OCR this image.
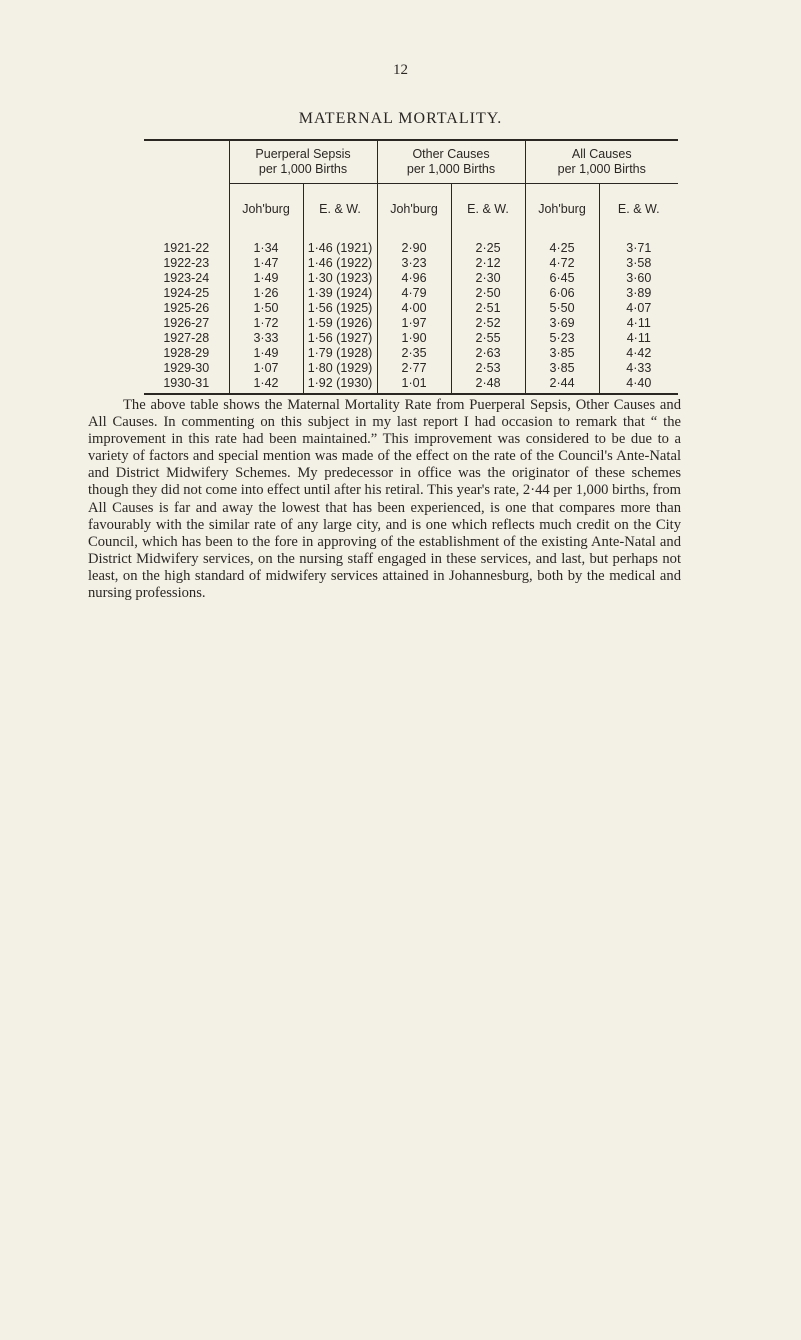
12
MATERNAL MORTALITY.

	Puerperal Sepsis
per 1,000 Births		Other Causes
per 1,000 Births		All Causes
per 1,000 Births	

	Joh'burg	E. & W.	Joh'burg	E. & W.	Joh'burg	E. & W.
1921-22	1·34	1·46 (1921)	2·90	2·25	4·25	3·71
1922-23	1·47	1·46 (1922)	3·23	2·12	4·72	3·58
1923-24	1·49	1·30 (1923)	4·96	2·30	6·45	3·60
1924-25	1·26	1·39 (1924)	4·79	2·50	6·06	3·89
1925-26	1·50	1·56 (1925)	4·00	2·51	5·50	4·07
1926-27	1·72	1·59 (1926)	1·97	2·52	3·69	4·11
1927-28	3·33	1·56 (1927)	1·90	2·55	5·23	4·11
1928-29	1·49	1·79 (1928)	2·35	2·63	3·85	4·42
1929-30	1·07	1·80 (1929)	2·77	2·53	3·85	4·33
1930-31	1·42	1·92 (1930)	1·01	2·48	2·44	4·40

The above table shows the Maternal Mortality Rate from Puerperal Sepsis, Other Causes and All Causes. In commenting on this subject in my last report I had occasion to remark that “ the improvement in this rate had been maintained.” This improvement was considered to be due to a variety of factors and special mention was made of the effect on the rate of the Council's Ante-Natal and District Midwifery Schemes. My predecessor in office was the originator of these schemes though they did not come into effect until after his retiral. This year's rate, 2·44 per 1,000 births, from All Causes is far and away the lowest that has been experienced, is one that compares more than favourably with the similar rate of any large city, and is one which reflects much credit on the City Council, which has been to the fore in approving of the establishment of the existing Ante-Natal and District Midwifery services, on the nursing staff engaged in these services, and last, but perhaps not least, on the high standard of midwifery services attained in Johannesburg, both by the medical and nursing professions.
